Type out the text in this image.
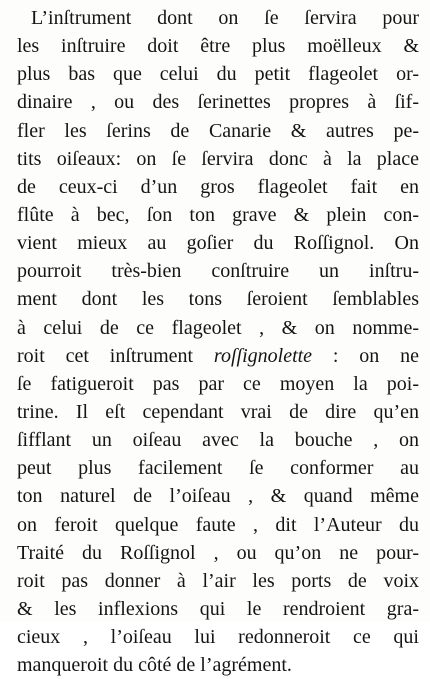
L’inſtrument dont on ſe ſervira pour
les inſtruire doit être plus moëlleux &
plus bas que celui du petit flageolet or-
dinaire , ou des ſerinettes propres à ſif-
fler les ſerins de Canarie & autres pe-
tits oiſeaux: on ſe ſervira donc à la place
de ceux-ci d’un gros flageolet fait en
flûte à bec, ſon ton grave & plein con-
vient mieux au goſier du Roſſignol. On
pourroit très-bien conſtruire un inſtru-
ment dont les tons ſeroient ſemblables
à celui de ce flageolet , & on nomme-
roit cet inſtrument roſſignolette : on ne
ſe fatigueroit pas par ce moyen la poi-
trine. Il eſt cependant vrai de dire qu’en
ſifflant un oiſeau avec la bouche , on
peut plus facilement ſe conformer au
ton naturel de l’oiſeau , & quand même
on feroit quelque faute , dit l’Auteur du
Traité du Roſſignol , ou qu’on ne pour-
roit pas donner à l’air les ports de voix
& les inflexions qui le rendroient gra-
cieux , l’oiſeau lui redonneroit ce qui
manqueroit du côté de l’agrément.
